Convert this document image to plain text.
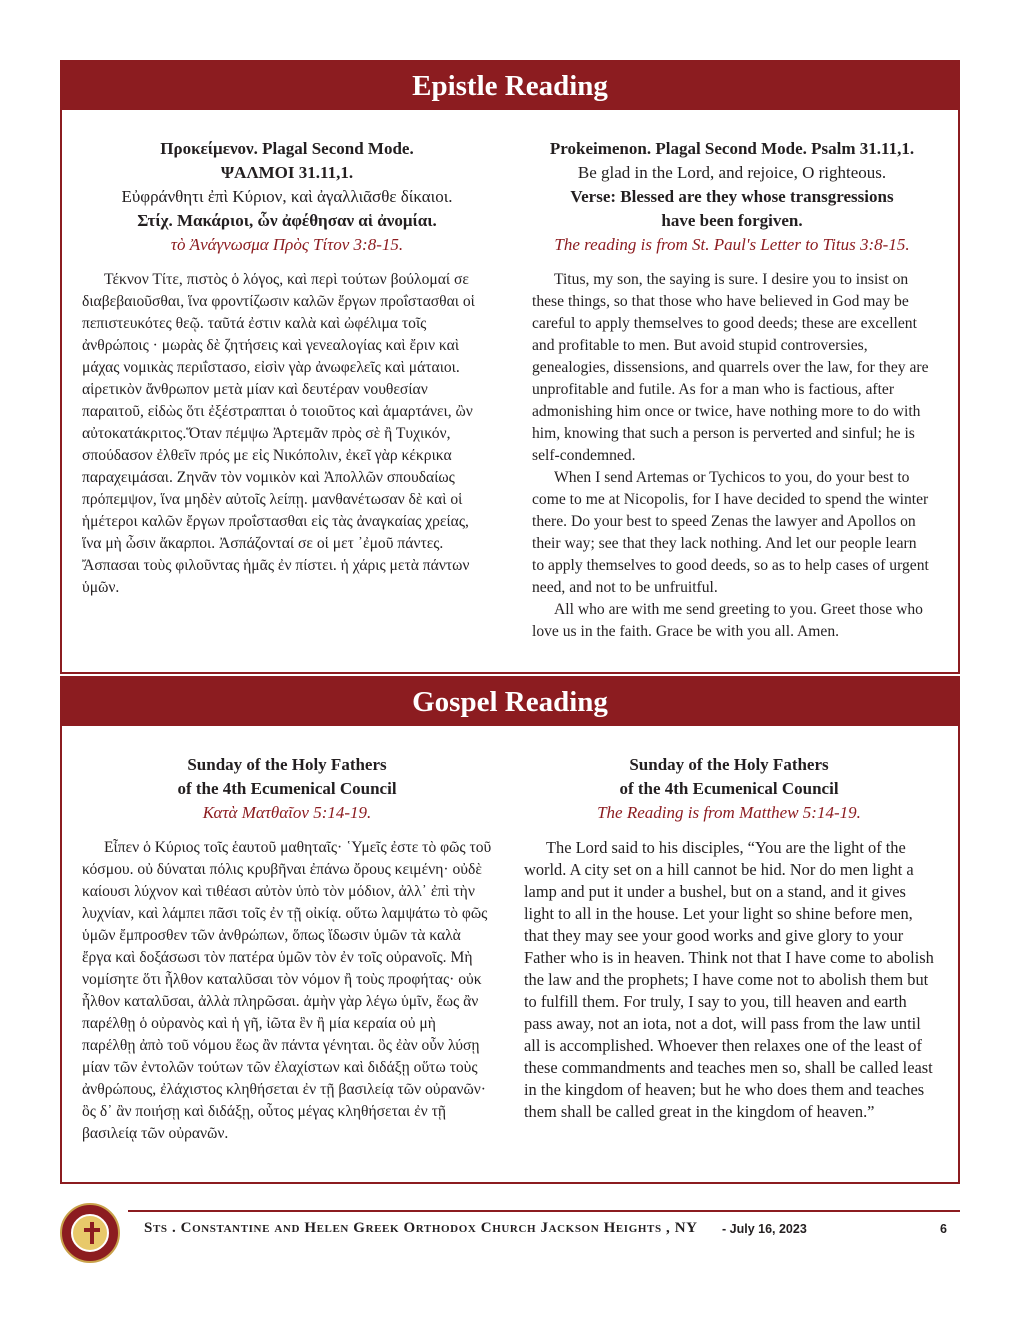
Epistle Reading
Προκείμενον. Plagal Second Mode.
ΨΑΛΜΟΙ 31.11,1.
Εὐφράνθητι ἐπὶ Κύριον, καὶ ἀγαλλιᾶσθε δίκαιοι.
Στίχ. Μακάριοι, ὧν ἀφέθησαν αἱ ἀνομίαι.
τὸ Ἀνάγνωσμα Πρὸς Τίτον 3:8-15.

Τέκνον Τίτε, πιστὸς ὁ λόγος, καὶ περὶ τούτων βούλομαί σε διαβεβαιοῦσθαι, ἵνα φροντίζωσιν καλῶν ἔργων προΐστασθαι οἱ πεπιστευκότες θεῷ. ταῦτά ἐστιν καλὰ καὶ ὠφέλιμα τοῖς ἀνθρώποις · μωρὰς δὲ ζητήσεις καὶ γενεαλογίας καὶ ἔριν καὶ μάχας νομικὰς περιΐστασο, εἰσὶν γὰρ ἀνωφελεῖς καὶ μάταιοι. αἱρετικὸν ἄνθρωπον μετὰ μίαν καὶ δευτέραν νουθεσίαν παραιτοῦ, εἰδὼς ὅτι ἐξέστραπται ὁ τοιοῦτος καὶ ἁμαρτάνει, ὢν αὐτοκατάκριτος.Ὅταν πέμψω Ἀρτεμᾶν πρὸς σὲ ἢ Τυχικόν, σπούδασον ἐλθεῖν πρός με εἰς Νικόπολιν, ἐκεῖ γὰρ κέκρικα παραχειμάσαι. Ζηνᾶν τὸν νομικὸν καὶ Ἀπολλῶν σπουδαίως πρόπεμψον, ἵνα μηδὲν αὐτοῖς λείπῃ. μανθανέτωσαν δὲ καὶ οἱ ἡμέτεροι καλῶν ἔργων προΐστασθαι εἰς τὰς ἀναγκαίας χρείας, ἵνα μὴ ὦσιν ἄκαρποι. Ἀσπάζονταί σε οἱ μετ ᾿ἐμοῦ πάντες. Ἄσπασαι τοὺς φιλοῦντας ἡμᾶς ἐν πίστει. ἡ χάρις μετὰ πάντων ὑμῶν.

Prokeimenon. Plagal Second Mode. Psalm 31.11,1.
Be glad in the Lord, and rejoice, O righteous.
Verse: Blessed are they whose transgressions
have been forgiven.
The reading is from St. Paul's Letter to Titus 3:8-15.

Titus, my son, the saying is sure. I desire you to insist on these things, so that those who have believed in God may be careful to apply themselves to good deeds; these are excellent and profitable to men. But avoid stupid controversies, genealogies, dissensions, and quarrels over the law, for they are unprofitable and futile. As for a man who is factious, after admonishing him once or twice, have nothing more to do with him, knowing that such a person is perverted and sinful; he is self-condemned.

When I send Artemas or Tychicos to you, do your best to come to me at Nicopolis, for I have decided to spend the winter there. Do your best to speed Zenas the lawyer and Apollos on their way; see that they lack nothing. And let our people learn to apply themselves to good deeds, so as to help cases of urgent need, and not to be unfruitful.

All who are with me send greeting to you. Greet those who love us in the faith. Grace be with you all. Amen.

Gospel Reading
Sunday of the Holy Fathers
of the 4th Ecumenical Council
Κατὰ Ματθαῖον 5:14-19.

Εἶπεν ὁ Κύριος τοῖς ἑαυτοῦ μαθηταῖς· ῾Υμεῖς ἐστε τὸ φῶς τοῦ κόσμου. οὐ δύναται πόλις κρυβῆναι ἐπάνω ὄρους κειμένη· οὐδὲ καίουσι λύχνον καὶ τιθέασι αὐτὸν ὑπὸ τὸν μόδιον, ἀλλ᾿ ἐπὶ τὴν λυχνίαν, καὶ λάμπει πᾶσι τοῖς ἐν τῇ οἰκίᾳ. οὕτω λαμψάτω τὸ φῶς ὑμῶν ἔμπροσθεν τῶν ἀνθρώπων, ὅπως ἴδωσιν ὑμῶν τὰ καλὰ ἔργα καὶ δοξάσωσι τὸν πατέρα ὑμῶν τὸν ἐν τοῖς οὐρανοῖς. Μὴ νομίσητε ὅτι ἦλθον καταλῦσαι τὸν νόμον ἢ τοὺς προφήτας· οὐκ ἦλθον καταλῦσαι, ἀλλὰ πληρῶσαι. ἀμὴν γὰρ λέγω ὑμῖν, ἕως ἂν παρέλθῃ ὁ οὐρανὸς καὶ ἡ γῆ, ἰῶτα ἓν ἢ μία κεραία οὐ μὴ παρέλθῃ ἀπὸ τοῦ νόμου ἕως ἂν πάντα γένηται. ὃς ἐὰν οὖν λύσῃ μίαν τῶν ἐντολῶν τούτων τῶν ἐλαχίστων καὶ διδάξῃ οὕτω τοὺς ἀνθρώπους, ἐλάχιστος κληθήσεται ἐν τῇ βασιλείᾳ τῶν οὐρανῶν· ὃς δ᾿ ἂν ποιήσῃ καὶ διδάξῃ, οὗτος μέγας κληθήσεται ἐν τῇ βασιλείᾳ τῶν οὐρανῶν.

Sunday of the Holy Fathers
of the 4th Ecumenical Council
The Reading is from Matthew 5:14-19.

The Lord said to his disciples, “You are the light of the world. A city set on a hill cannot be hid. Nor do men light a lamp and put it under a bushel, but on a stand, and it gives light to all in the house. Let your light so shine before men, that they may see your good works and give glory to your Father who is in heaven. Think not that I have come to abolish the law and the prophets; I have come not to abolish them but to fulfill them. For truly, I say to you, till heaven and earth pass away, not an iota, not a dot, will pass from the law until all is accomplished. Whoever then relaxes one of the least of these commandments and teaches men so, shall be called least in the kingdom of heaven; but he who does them and teaches them shall be called great in the kingdom of heaven.”

Sts . Constantine and Helen Greek Orthodox Church Jackson Heights , NY - July 16, 2023	6
